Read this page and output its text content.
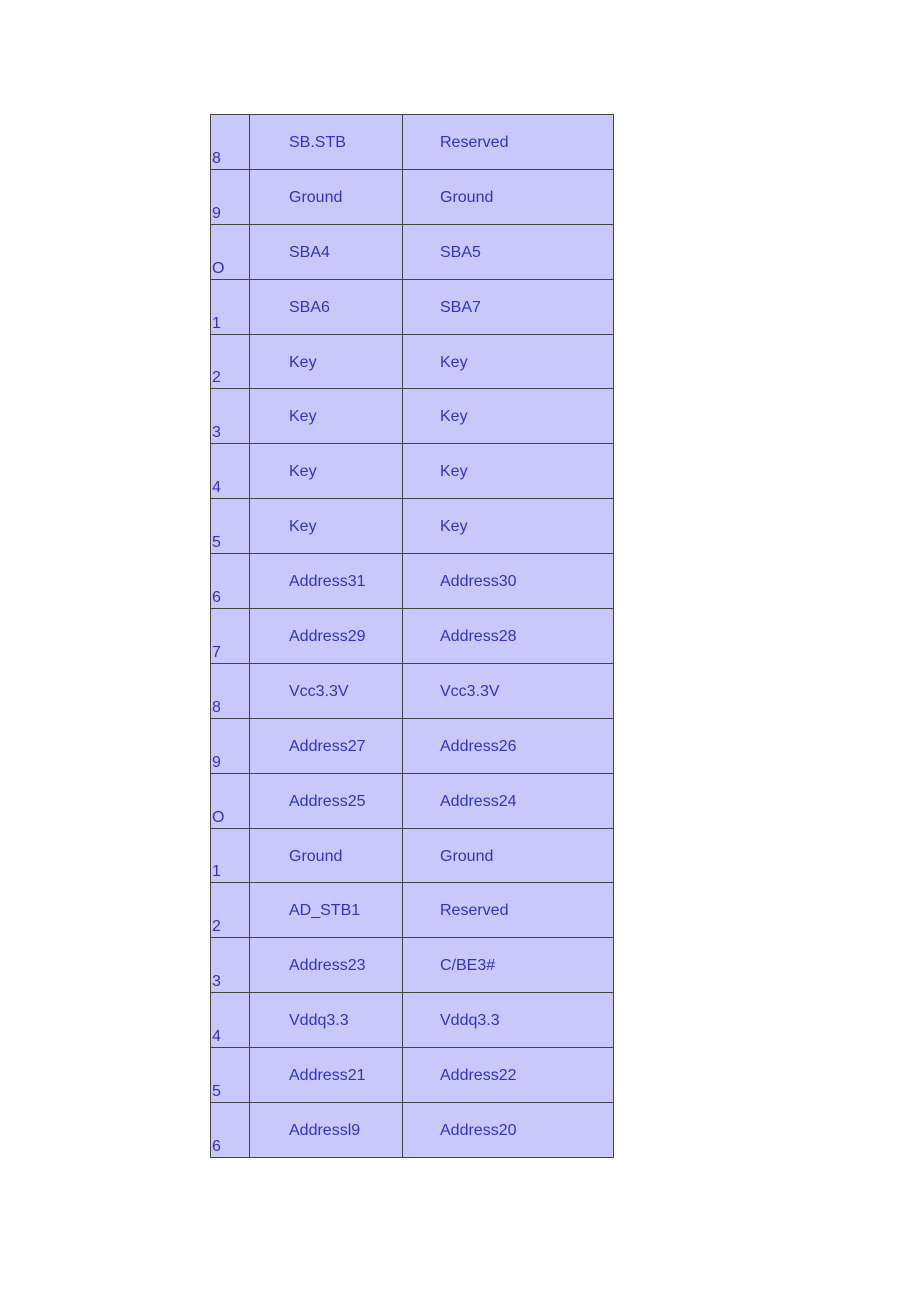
8	SB.STB	Reserved
9	Ground	Ground
O	SBA4	SBA5
1	SBA6	SBA7
2	Key	Key
3	Key	Key
4	Key	Key
5	Key	Key
6	Address31	Address30
7	Address29	Address28
8	Vcc3.3V	Vcc3.3V
9	Address27	Address26
O	Address25	Address24
1	Ground	Ground
2	AD_STB1	Reserved
3	Address23	C/BE3#
4	Vddq3.3	Vddq3.3
5	Address21	Address22
6	Addressl9	Address20
